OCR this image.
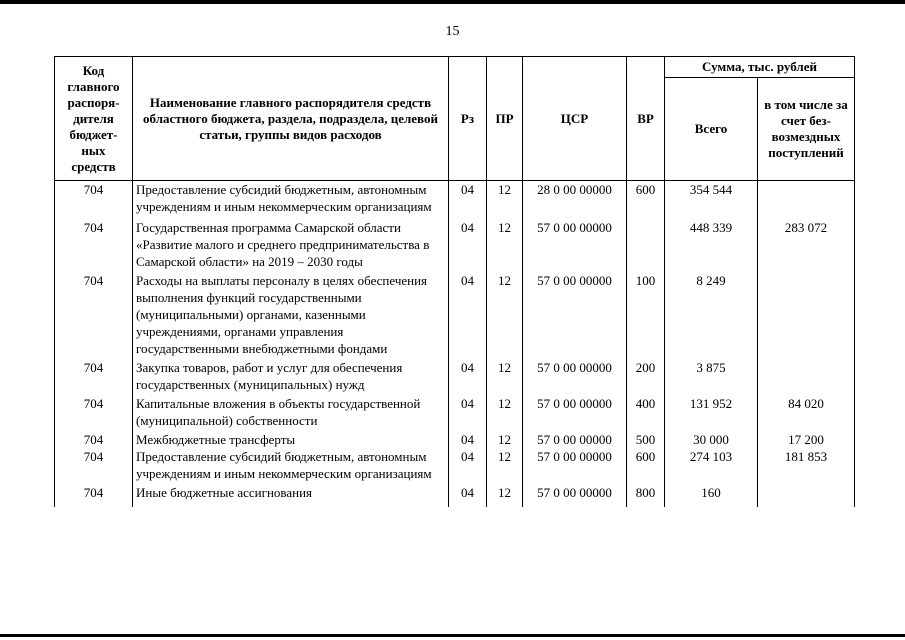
15
Код главного распоря-дителя бюджет-ных средств	Наименование главного распорядителя средств областного бюджета, раздела, подраздела, целевой статьи, группы видов расходов	Рз	ПР	ЦСР	ВР	Сумма, тыс. рублей	
						Всего	в том числе за счет без-возмездных поступлений
704	Предоставление субсидий бюджетным, автономным учреждениям и иным некоммерческим организациям	04	12	28 0 00 00000	600	354 544	
704	Государственная программа Самарской области «Развитие малого и среднего предпринимательства в Самарской области» на 2019 – 2030 годы	04	12	57 0 00 00000		448 339	283 072
704	Расходы на выплаты персоналу в целях обеспечения выполнения функций государственными (муниципальными) органами, казенными учреждениями, органами управления государственными внебюджетными фондами	04	12	57 0 00 00000	100	8 249	
704	Закупка товаров, работ и услуг для обеспечения государственных (муниципальных) нужд	04	12	57 0 00 00000	200	3 875	
704	Капитальные вложения в объекты государственной (муниципальной) собственности	04	12	57 0 00 00000	400	131 952	84 020
704	Межбюджетные трансферты	04	12	57 0 00 00000	500	30 000	17 200
704	Предоставление субсидий бюджетным, автономным учреждениям и иным некоммерческим организациям	04	12	57 0 00 00000	600	274 103	181 853
704	Иные бюджетные ассигнования	04	12	57 0 00 00000	800	160	
